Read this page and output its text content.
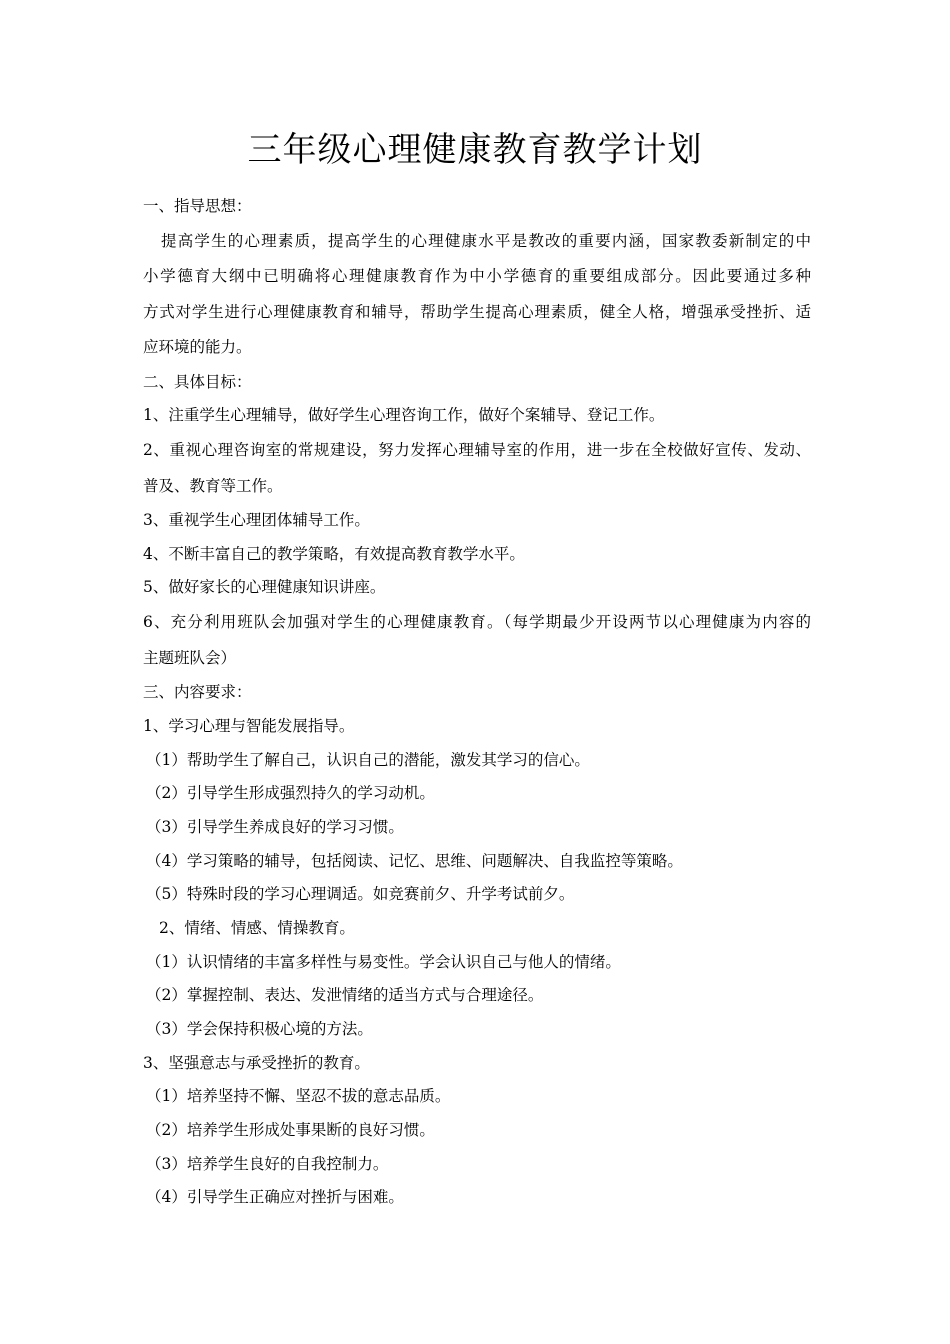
三年级心理健康教育教学计划
一、指导思想：
提高学生的心理素质，提高学生的心理健康水平是教改的重要内涵，国家教委新制定的中
小学德育大纲中已明确将心理健康教育作为中小学德育的重要组成部分。因此要通过多种
方式对学生进行心理健康教育和辅导，帮助学生提高心理素质，健全人格，增强承受挫折、适
应环境的能力。
二、具体目标：
1、注重学生心理辅导，做好学生心理咨询工作，做好个案辅导、登记工作。
2、重视心理咨询室的常规建设，努力发挥心理辅导室的作用，进一步在全校做好宣传、发动、
普及、教育等工作。
3、重视学生心理团体辅导工作。
4、不断丰富自己的教学策略，有效提高教育教学水平。
5、做好家长的心理健康知识讲座。
6、充分利用班队会加强对学生的心理健康教育。（每学期最少开设两节以心理健康为内容的
主题班队会）
三、内容要求：
1、学习心理与智能发展指导。
（1）帮助学生了解自己，认识自己的潜能，激发其学习的信心。
（2）引导学生形成强烈持久的学习动机。
（3）引导学生养成良好的学习习惯。
（4）学习策略的辅导，包括阅读、记忆、思维、问题解决、自我监控等策略。
（5）特殊时段的学习心理调适。如竞赛前夕、升学考试前夕。
2、情绪、情感、情操教育。
（1）认识情绪的丰富多样性与易变性。学会认识自己与他人的情绪。
（2）掌握控制、表达、发泄情绪的适当方式与合理途径。
（3）学会保持积极心境的方法。
3、坚强意志与承受挫折的教育。
（1）培养坚持不懈、坚忍不拔的意志品质。
（2）培养学生形成处事果断的良好习惯。
（3）培养学生良好的自我控制力。
（4）引导学生正确应对挫折与困难。
